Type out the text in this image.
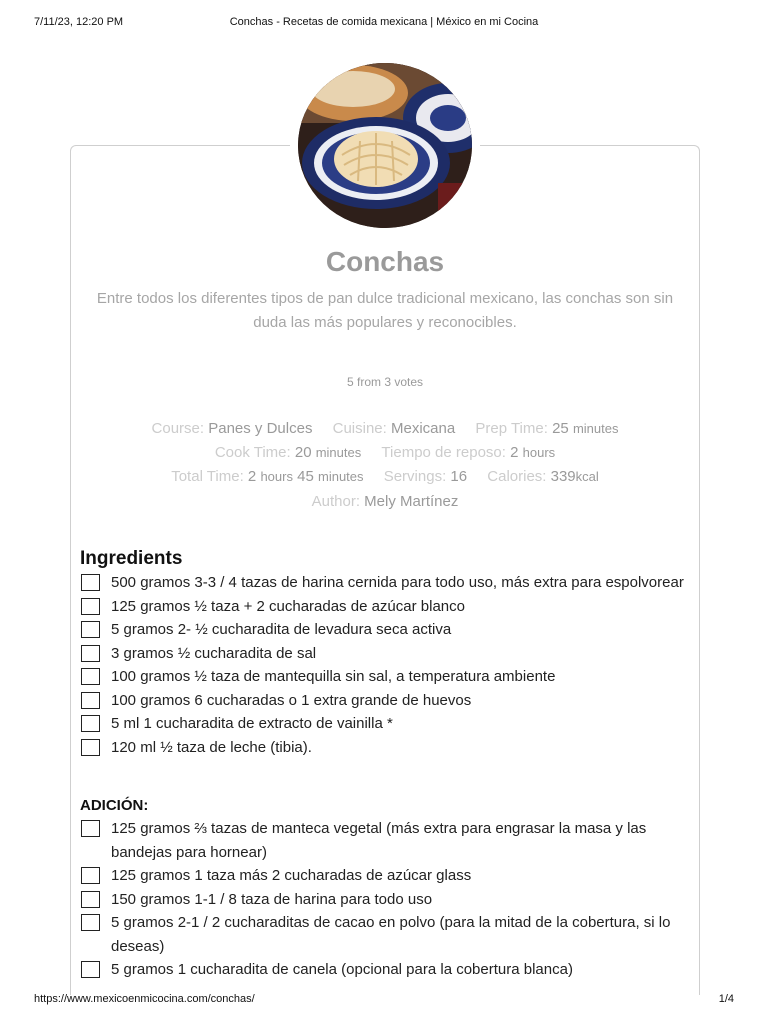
7/11/23, 12:20 PM	Conchas - Recetas de comida mexicana | México en mi Cocina
Conchas
Entre todos los diferentes tipos de pan dulce tradicional mexicano, las conchas son sin duda las más populares y reconocibles.
5 from 3 votes
Course: Panes y Dulces Cuisine: Mexicana Prep Time: 25 minutes
Cook Time: 20 minutes Tiempo de reposo: 2 hours
Total Time: 2 hours 45 minutes Servings: 16 Calories: 339kcal
Author: Mely Martínez
Ingredients
500 gramos 3-3 / 4 tazas de harina cernida para todo uso, más extra para espolvorear
125 gramos ½ taza + 2 cucharadas de azúcar blanco
5 gramos 2- ½ cucharadita de levadura seca activa
3 gramos ½ cucharadita de sal
100 gramos ½ taza de mantequilla sin sal, a temperatura ambiente
100 gramos 6 cucharadas o 1 extra grande de huevos
5 ml 1 cucharadita de extracto de vainilla *
120 ml ½ taza de leche (tibia).
ADICIÓN:
125 gramos ⅔ tazas de manteca vegetal (más extra para engrasar la masa y las bandejas para hornear)
125 gramos 1 taza más 2 cucharadas de azúcar glass
150 gramos 1-1 / 8 taza de harina para todo uso
5 gramos 2-1 / 2 cucharaditas de cacao en polvo (para la mitad de la cobertura, si lo deseas)
5 gramos 1 cucharadita de canela (opcional para la cobertura blanca)
https://www.mexicoenmicocina.com/conchas/	1/4
